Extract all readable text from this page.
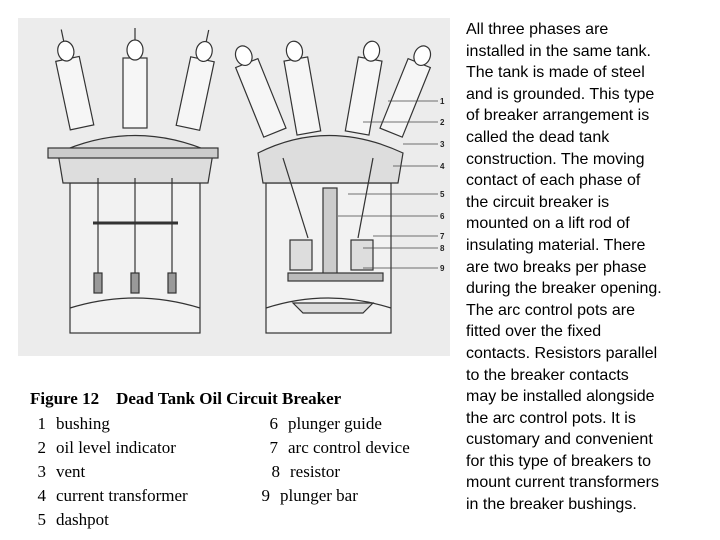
1
2
3
4
5
6
7
8
9
Figure 12    Dead Tank Oil Circuit Breaker
1 bushing
2 oil level indicator
3 vent
4 current transformer
5 dashpot
6 plunger guide
7 arc control device
8 resistor
9 plunger bar
All three phases are
installed in the same tank.
The tank is made of steel
and is grounded. This type
of breaker arrangement is
called the dead tank
construction. The moving
contact of each phase of
the circuit breaker is
mounted on a lift rod of
insulating material. There
are two breaks per phase
during the breaker opening.
The arc control pots are
fitted over the fixed
contacts. Resistors parallel
to the breaker contacts
may be installed alongside
the arc control pots. It is
customary and convenient
for this type of breakers to
mount current transformers
in the breaker bushings.
